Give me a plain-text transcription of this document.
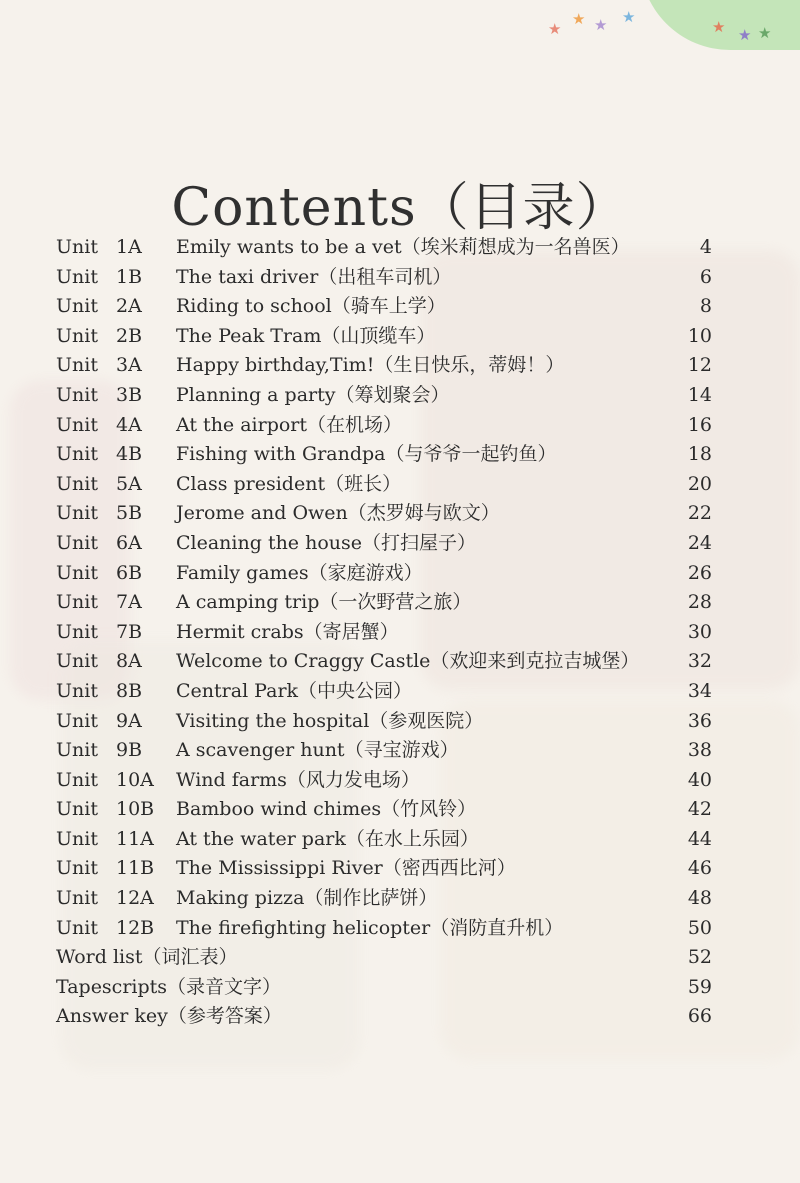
★
★ ★ ★
★ ★ ★
Contents（目录）
Unit 1A Emily wants to be a vet（埃米莉想成为一名兽医）	4
Unit 1B The taxi driver（出租车司机）	6
Unit 2A Riding to school（骑车上学）	8
Unit 2B The Peak Tram（山顶缆车）	10
Unit 3A Happy birthday,Tim!（生日快乐，蒂姆！）	12
Unit 3B Planning a party（筹划聚会）	14
Unit 4A At the airport（在机场）	16
Unit 4B Fishing with Grandpa（与爷爷一起钓鱼）	18
Unit 5A Class president（班长）	20
Unit 5B Jerome and Owen（杰罗姆与欧文）	22
Unit 6A Cleaning the house（打扫屋子）	24
Unit 6B Family games（家庭游戏）	26
Unit 7A A camping trip（一次野营之旅）	28
Unit 7B Hermit crabs（寄居蟹）	30
Unit 8A Welcome to Craggy Castle（欢迎来到克拉吉城堡）	32
Unit 8B Central Park（中央公园）	34
Unit 9A Visiting the hospital（参观医院）	36
Unit 9B A scavenger hunt（寻宝游戏）	38
Unit 10A Wind farms（风力发电场）	40
Unit 10B Bamboo wind chimes（竹风铃）	42
Unit 11A At the water park（在水上乐园）	44
Unit 11B The Mississippi River（密西西比河）	46
Unit 12A Making pizza（制作比萨饼）	48
Unit 12B The firefighting helicopter（消防直升机）	50
Word list（词汇表）	52
Tapescripts（录音文字）	59
Answer key（参考答案）	66
